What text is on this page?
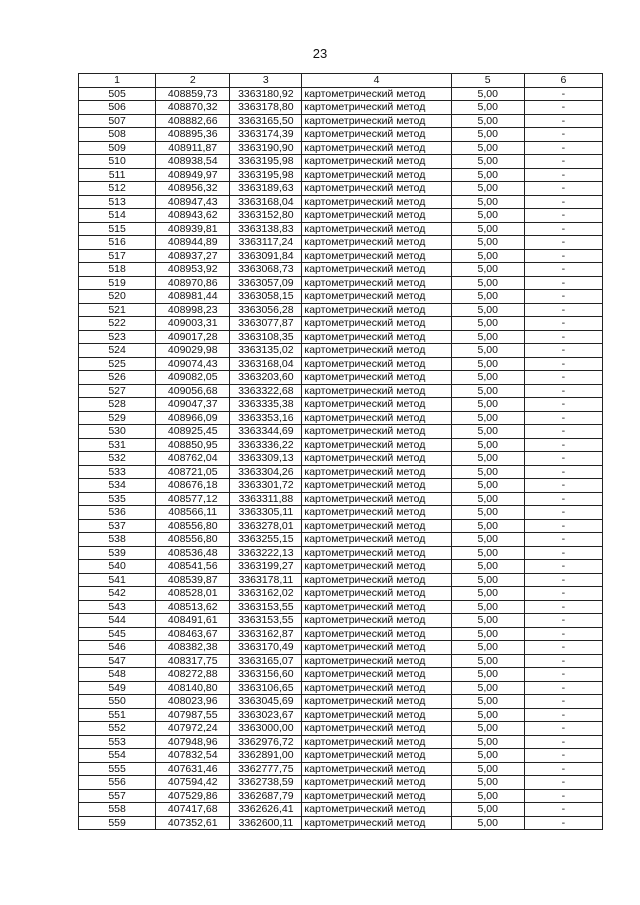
23
1	2	3	4	5	6
505	408859,73	3363180,92	картометрический метод	5,00	-
506	408870,32	3363178,80	картометрический метод	5,00	-
507	408882,66	3363165,50	картометрический метод	5,00	-
508	408895,36	3363174,39	картометрический метод	5,00	-
509	408911,87	3363190,90	картометрический метод	5,00	-
510	408938,54	3363195,98	картометрический метод	5,00	-
511	408949,97	3363195,98	картометрический метод	5,00	-
512	408956,32	3363189,63	картометрический метод	5,00	-
513	408947,43	3363168,04	картометрический метод	5,00	-
514	408943,62	3363152,80	картометрический метод	5,00	-
515	408939,81	3363138,83	картометрический метод	5,00	-
516	408944,89	3363117,24	картометрический метод	5,00	-
517	408937,27	3363091,84	картометрический метод	5,00	-
518	408953,92	3363068,73	картометрический метод	5,00	-
519	408970,86	3363057,09	картометрический метод	5,00	-
520	408981,44	3363058,15	картометрический метод	5,00	-
521	408998,23	3363056,28	картометрический метод	5,00	-
522	409003,31	3363077,87	картометрический метод	5,00	-
523	409017,28	3363108,35	картометрический метод	5,00	-
524	409029,98	3363135,02	картометрический метод	5,00	-
525	409074,43	3363168,04	картометрический метод	5,00	-
526	409082,05	3363203,60	картометрический метод	5,00	-
527	409056,68	3363322,68	картометрический метод	5,00	-
528	409047,37	3363335,38	картометрический метод	5,00	-
529	408966,09	3363353,16	картометрический метод	5,00	-
530	408925,45	3363344,69	картометрический метод	5,00	-
531	408850,95	3363336,22	картометрический метод	5,00	-
532	408762,04	3363309,13	картометрический метод	5,00	-
533	408721,05	3363304,26	картометрический метод	5,00	-
534	408676,18	3363301,72	картометрический метод	5,00	-
535	408577,12	3363311,88	картометрический метод	5,00	-
536	408566,11	3363305,11	картометрический метод	5,00	-
537	408556,80	3363278,01	картометрический метод	5,00	-
538	408556,80	3363255,15	картометрический метод	5,00	-
539	408536,48	3363222,13	картометрический метод	5,00	-
540	408541,56	3363199,27	картометрический метод	5,00	-
541	408539,87	3363178,11	картометрический метод	5,00	-
542	408528,01	3363162,02	картометрический метод	5,00	-
543	408513,62	3363153,55	картометрический метод	5,00	-
544	408491,61	3363153,55	картометрический метод	5,00	-
545	408463,67	3363162,87	картометрический метод	5,00	-
546	408382,38	3363170,49	картометрический метод	5,00	-
547	408317,75	3363165,07	картометрический метод	5,00	-
548	408272,88	3363156,60	картометрический метод	5,00	-
549	408140,80	3363106,65	картометрический метод	5,00	-
550	408023,96	3363045,69	картометрический метод	5,00	-
551	407987,55	3363023,67	картометрический метод	5,00	-
552	407972,24	3363000,00	картометрический метод	5,00	-
553	407948,96	3362976,72	картометрический метод	5,00	-
554	407832,54	3362891,00	картометрический метод	5,00	-
555	407631,46	3362777,75	картометрический метод	5,00	-
556	407594,42	3362738,59	картометрический метод	5,00	-
557	407529,86	3362687,79	картометрический метод	5,00	-
558	407417,68	3362626,41	картометрический метод	5,00	-
559	407352,61	3362600,11	картометрический метод	5,00	-
